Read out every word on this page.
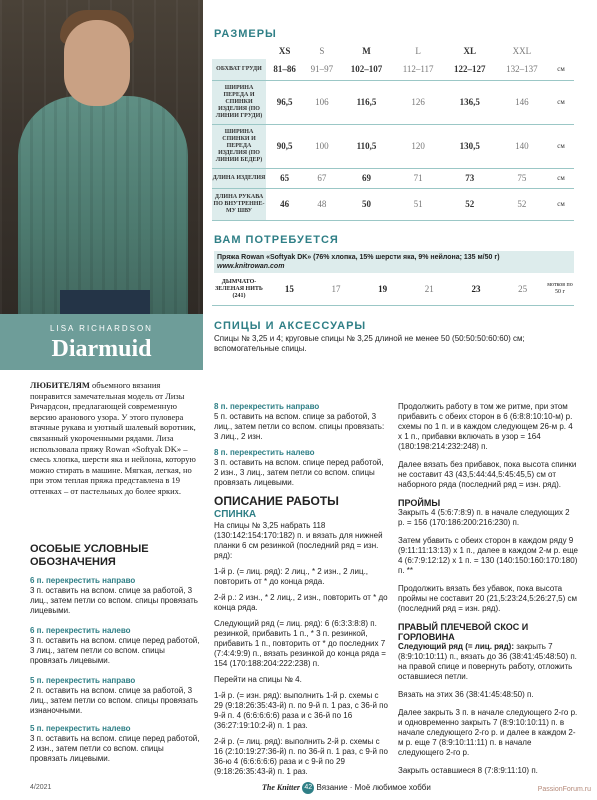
LISA RICHARDSON
Diarmuid
РАЗМЕРЫ
	XS	S	M	L	XL	XXL	
ОБХВАТ ГРУДИ	81–86	91–97	102–107	112–117	122–127	132–137	см
ШИРИНА ПЕРЕДА И СПИНКИ ИЗДЕЛИЯ (ПО ЛИНИИ ГРУДИ)	96,5	106	116,5	126	136,5	146	см
ШИРИНА СПИНКИ И ПЕРЕДА ИЗДЕЛИЯ (ПО ЛИНИИ БЕДЕР)	90,5	100	110,5	120	130,5	140	см
ДЛИНА ИЗДЕЛИЯ	65	67	69	71	73	75	см
ДЛИНА РУКАВА ПО ВНУТРЕННЕ-МУ ШВУ	46	48	50	51	52	52	см
ВАМ ПОТРЕБУЕТСЯ
Пряжа Rowan «Softyak DK» (76% хлопка, 15% шерсти яка, 9% нейлона; 135 м/50 г)
www.knitrowan.com
ДЫМЧАТО-ЗЕЛЕНАЯ НИТЬ (241)	15	17	19	21	23	25	мотков по 50 г
СПИЦЫ И АКСЕССУАРЫ
Спицы № 3,25 и 4; круговые спицы № 3,25 длиной не менее 50 (50:50:50:60:60) см; вспомогательные спицы.
ЛЮБИТЕЛЯМ объемного вязания понравится замечательная модель от Лизы Ричардсон, предлагающей современную версию аранового узора. У этого пуловера втачные рукава и уютный шалевый воротник, связанный укороченными рядами. Лиза использовала пряжу Rowan «Softyak DK» – смесь хлопка, шерсти яка и нейлона, которую можно стирать в машине. Мягкая, легкая, но при этом теплая пряжа представлена в 19 оттенках – от пастельных до более ярких.
ОСОБЫЕ УСЛОВНЫЕ ОБОЗНАЧЕНИЯ
6 п. перекрестить направо
3 п. оставить на вспом. спице за работой, 3 лиц., затем петли со вспом. спицы провязать лицевыми.
6 п. перекрестить налево
3 п. оставить на вспом. спице перед работой, 3 лиц., затем петли со вспом. спицы провязать лицевыми.
5 п. перекрестить направо
2 п. оставить на вспом. спице за работой, 3 лиц., затем петли со вспом. спицы провязать изнаночными.
5 п. перекрестить налево
3 п. оставить на вспом. спице перед работой, 2 изн., затем петли со вспом. спицы провязать лицевыми.

8 п. перекрестить направо
5 п. оставить на вспом. спице за работой, 3 лиц., затем петли со вспом. спицы провязать: 3 лиц., 2 изн.

8 п. перекрестить налево
3 п. оставить на вспом. спице перед работой, 2 изн., 3 лиц., затем петли со вспом. спицы провязать лицевыми.

ОПИСАНИЕ РАБОТЫ
СПИНКА

На спицы № 3,25 набрать 118 (130:142:154:170:182) п. и вязать для нижней планки 6 см резинкой (последний ряд = изн. ряд):

1-й р. (= лиц. ряд): 2 лиц., * 2 изн., 2 лиц., повторить от * до конца ряда.

2-й р.: 2 изн., * 2 лиц., 2 изн., повторить от * до конца ряда.

Следующий ряд (= лиц. ряд): 6 (6:3:3:8:8) п. резинкой, прибавить 1 п., * 3 п. резинкой, прибавить 1 п., повторить от * до последних 7 (7:4:4:9:9) п., вязать резинкой до конца ряда = 154 (170:188:204:222:238) п.

Перейти на спицы № 4.

1-й р. (= изн. ряд): выполнить 1-й р. схемы с 29 (9:18:26:35:43-й) п. по 9-й п. 1 раз, с 36-й по 9-й п. 4 (6:6:6:6:6) раза и с 36-й по 16 (36:27:19:10:2-й) п. 1 раз.

2-й р. (= лиц. ряд): выполнить 2-й р. схемы с 16 (2:10:19:27:36-й) п. по 36-й п. 1 раз, с 9-й по 36-ю 4 (6:6:6:6:6) раза и с 9-й по 29 (9:18:26:35:43-й) п. 1 раз.

Продолжить работу в том же ритме, при этом прибавить с обеих сторон в 6 (6:8:8:10:10-м) р. схемы по 1 п. и в каждом следующем 26-м р. 4 х 1 п., прибавки включать в узор = 164 (180:198:214:232:248) п.

Далее вязать без прибавок, пока высота спинки не составит 43 (43,5:44:44,5:45:45,5) см от наборного ряда (последний ряд = изн. ряд).

ПРОЙМЫ

Закрыть 4 (5:6:7:8:9) п. в начале следующих 2 р. = 156 (170:186:200:216:230) п.

Затем убавить с обеих сторон в каждом ряду 9 (9:11:11:13:13) х 1 п., далее в каждом 2-м р. еще 4 (6:7:9:12:12) х 1 п. = 130 (140:150:160:170:180) п. **

Продолжить вязать без убавок, пока высота проймы не составит 20 (21,5:23:24,5:26:27,5) см (последний ряд = изн. ряд).

ПРАВЫЙ ПЛЕЧЕВОЙ СКОС И ГОРЛОВИНА

Следующий ряд (= лиц. ряд): закрыть 7 (8:9:10:10:11) п., вязать до 36 (38:41:45:48:50) п. на правой спице и повернуть работу, отложить оставшиеся петли.

Вязать на этих 36 (38:41:45:48:50) п.

Далее закрыть 3 п. в начале следующего 2-го р. и одновременно закрыть 7 (8:9:10:10:11) п. в начале следующего 2-го р. и далее в каждом 2-м р. еще 7 (8:9:10:11:11) п. в начале следующего 2-го р.

Закрыть оставшиеся 8 (7:8:9:11:10) п.

4/2021	The Knitter 42 Вязание · Моё любимое хобби	PassionForum.ru
